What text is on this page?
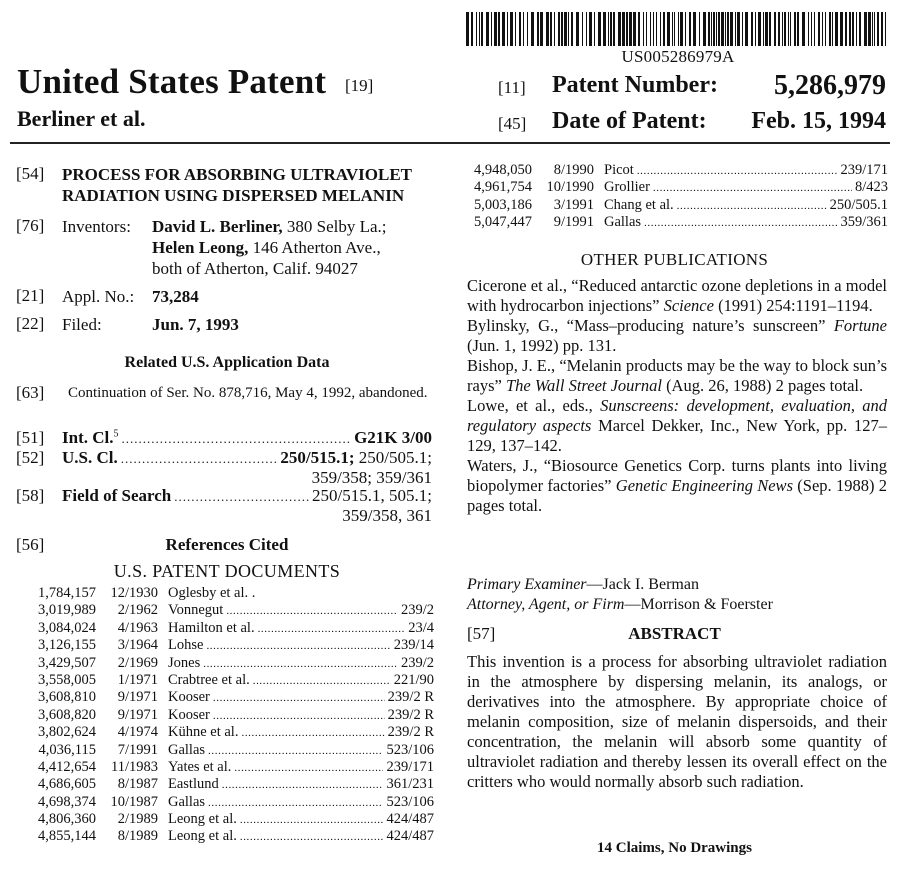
US005286979A
United States Patent [19]
Berliner et al.
[11] Patent Number: 5,286,979
[45] Date of Patent: Feb. 15, 1994
[54] PROCESS FOR ABSORBING ULTRAVIOLET RADIATION USING DISPERSED MELANIN
[76] Inventors: David L. Berliner, 380 Selby La.;
Helen Leong, 146 Atherton Ave.,
both of Atherton, Calif. 94027
[21] Appl. No.: 73,284
[22] Filed:	Jun. 7, 1993
Related U.S. Application Data
[63] Continuation of Ser. No. 878,716, May 4, 1992, abandoned.
[51] Int. Cl.$^5$ .....	G21K 3/00
[52] U.S. Cl. .....	250/515.1; 250/505.1;
359/358; 359/361
[58] Field of Search .....	250/515.1, 505.1;
359/358, 361
[56]	References Cited
U.S. PATENT DOCUMENTS
1,784,157 12/1930 Oglesby et al. .
3,019,989	2/1962 Vonnegut .....	239/2
3,084,024	4/1963 Hamilton et al. .....	23/4
3,126,155	3/1964 Lohse .....	239/14
3,429,507	2/1969 Jones .....	239/2
3,558,005	1/1971 Crabtree et al. .....	221/90
3,608,810	9/1971 Kooser .....	239/2 R
3,608,820	9/1971 Kooser .....	239/2 R
3,802,624	4/1974 Kühne et al. .....	239/2 R
4,036,115	7/1991 Gallas .....	523/106
4,412,654	11/1983 Yates et al. .....	239/171
4,686,605	8/1987 Eastlund .....	361/231
4,698,374 10/1987 Gallas .....	523/106
4,806,360	2/1989 Leong et al. .....	424/487
4,855,144	8/1989 Leong et al. .....	424/487
4,948,050	8/1990 Picot .....	239/171
4,961,754 10/1990 Grollier .....	8/423
5,003,186	3/1991 Chang et al. .....	250/505.1
5,047,447	9/1991 Gallas .....	359/361
OTHER PUBLICATIONS

Cicerone et al., “Reduced antarctic ozone depletions in a model with hydrocarbon injections” Science (1991) 254:1191–1194.

Bylinsky, G., “Mass–producing nature’s sunscreen” Fortune (Jun. 1, 1992) pp. 131.

Bishop, J. E., “Melanin products may be the way to block sun’s rays” The Wall Street Journal (Aug. 26, 1988) 2 pages total.

Lowe, et al., eds., Sunscreens: development, evaluation, and regulatory aspects Marcel Dekker, Inc., New York, pp. 127–129, 137–142.

Waters, J., “Biosource Genetics Corp. turns plants into living biopolymer factories” Genetic Engineering News (Sep. 1988) 2 pages total.

Primary Examiner—Jack I. Berman
Attorney, Agent, or Firm—Morrison & Foerster
[57]	ABSTRACT
This invention is a process for absorbing ultraviolet radiation in the atmosphere by dispersing melanin, its analogs, or derivatives into the atmosphere. By appropriate choice of melanin composition, size of melanin dispersoids, and their concentration, the melanin will absorb some quantity of ultraviolet radiation and thereby lessen its overall effect on the critters who would normally absorb such radiation.
14 Claims, No Drawings
